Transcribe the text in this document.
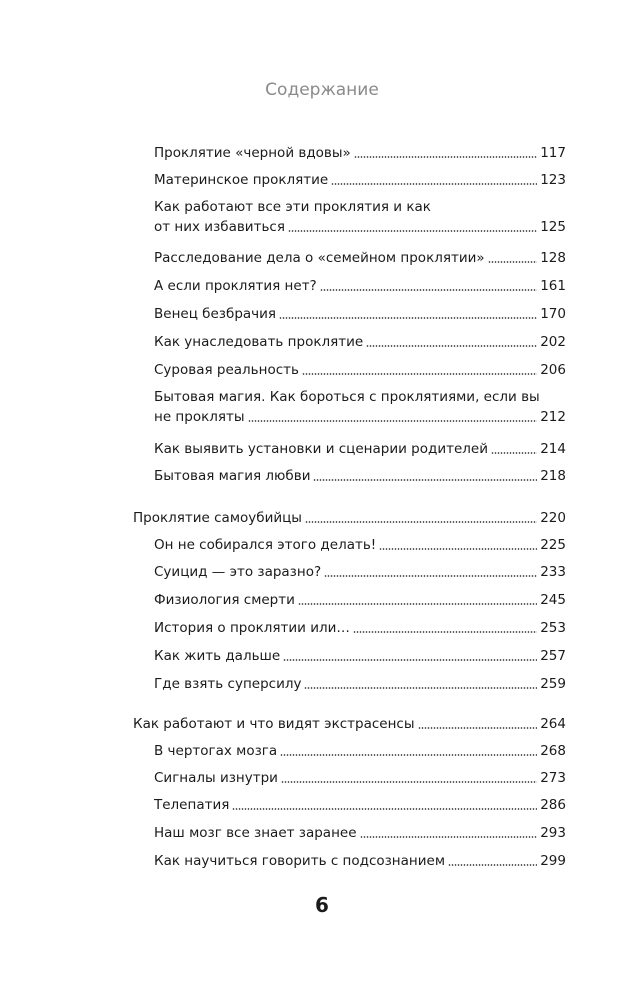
Содержание
Проклятие «черной вдовы»	117
Материнское проклятие	123
Как работают все эти проклятия и как
от них избавиться	125
Расследование дела о «семейном проклятии»	128
А если проклятия нет?	161
Венец безбрачия	170
Как унаследовать проклятие	202
Суровая реальность	206
Бытовая магия. Как бороться с проклятиями, если вы
не прокляты	212
Как выявить установки и сценарии родителей	214
Бытовая магия любви	218
Проклятие самоубийцы	220
Он не собирался этого делать!	225
Суицид — это заразно?	233
Физиология смерти	245
История о проклятии или…	253
Как жить дальше	257
Где взять суперсилу	259
Как работают и что видят экстрасенсы	264
В чертогах мозга	268
Сигналы изнутри	273
Телепатия	286
Наш мозг все знает заранее	293
Как научиться говорить с подсознанием	299
6
